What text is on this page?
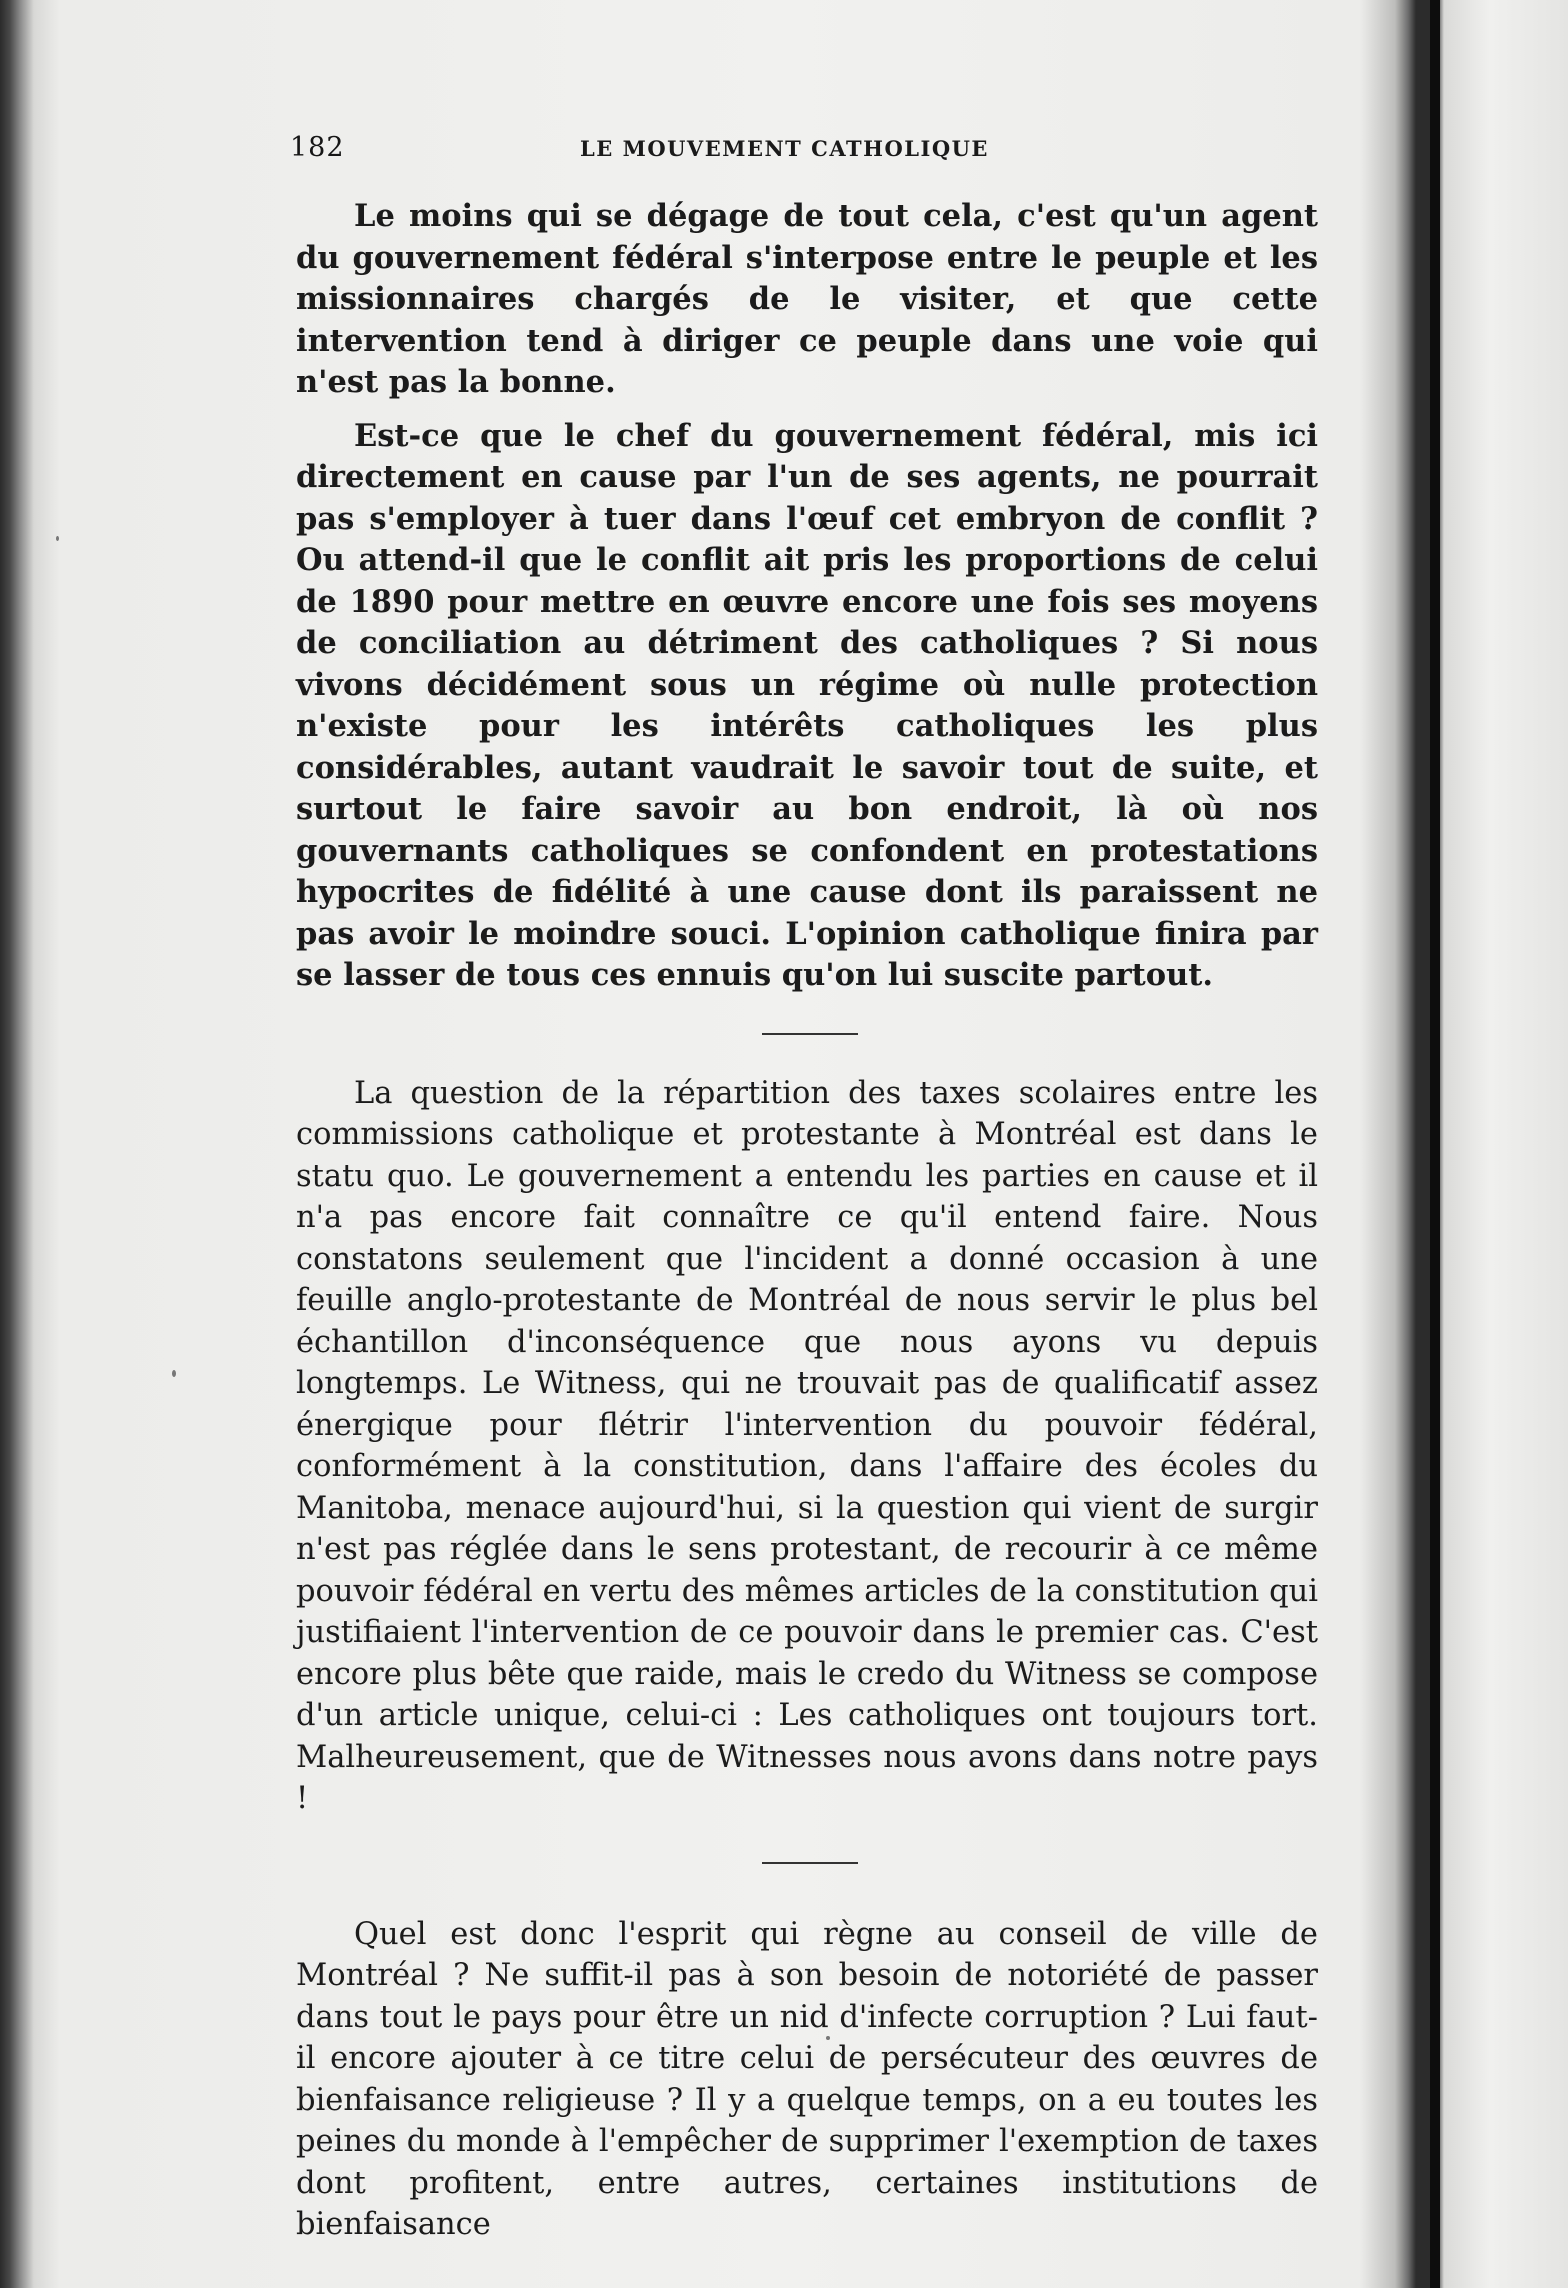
182	LE MOUVEMENT CATHOLIQUE

Le moins qui se dégage de tout cela, c'est qu'un agent du gouvernement fédéral s'interpose entre le peuple et les missionnaires chargés de le visiter, et que cette intervention tend à diriger ce peuple dans une voie qui n'est pas la bonne.

Est-ce que le chef du gouvernement fédéral, mis ici directement en cause par l'un de ses agents, ne pourrait pas s'employer à tuer dans l'œuf cet embryon de conflit ? Ou attend-il que le conflit ait pris les proportions de celui de 1890 pour mettre en œuvre encore une fois ses moyens de conciliation au détriment des catholiques ? Si nous vivons décidément sous un régime où nulle protection n'existe pour les intérêts catholiques les plus considérables, autant vaudrait le savoir tout de suite, et surtout le faire savoir au bon endroit, là où nos gouvernants catholiques se confondent en protestations hypocrites de fidélité à une cause dont ils paraissent ne pas avoir le moindre souci. L'opinion catholique finira par se lasser de tous ces ennuis qu'on lui suscite partout.

La question de la répartition des taxes scolaires entre les commissions catholique et protestante à Montréal est dans le statu quo. Le gouvernement a entendu les parties en cause et il n'a pas encore fait connaître ce qu'il entend faire. Nous constatons seulement que l'incident a donné occasion à une feuille anglo-protestante de Montréal de nous servir le plus bel échantillon d'inconséquence que nous ayons vu depuis longtemps. Le Witness, qui ne trouvait pas de qualificatif assez énergique pour flétrir l'intervention du pouvoir fédéral, conformément à la constitution, dans l'affaire des écoles du Manitoba, menace aujourd'hui, si la question qui vient de surgir n'est pas réglée dans le sens protestant, de recourir à ce même pouvoir fédéral en vertu des mêmes articles de la constitution qui justifiaient l'intervention de ce pouvoir dans le premier cas. C'est encore plus bête que raide, mais le credo du Witness se compose d'un article unique, celui-ci : Les catholiques ont toujours tort. Malheureusement, que de Witnesses nous avons dans notre pays !

Quel est donc l'esprit qui règne au conseil de ville de Montréal ? Ne suffit-il pas à son besoin de notoriété de passer dans tout le pays pour être un nid d'infecte corruption ? Lui faut-il encore ajouter à ce titre celui de persécuteur des œuvres de bienfaisance religieuse ? Il y a quelque temps, on a eu toutes les peines du monde à l'empêcher de supprimer l'exemption de taxes dont profitent, entre autres, certaines institutions de bienfaisance
